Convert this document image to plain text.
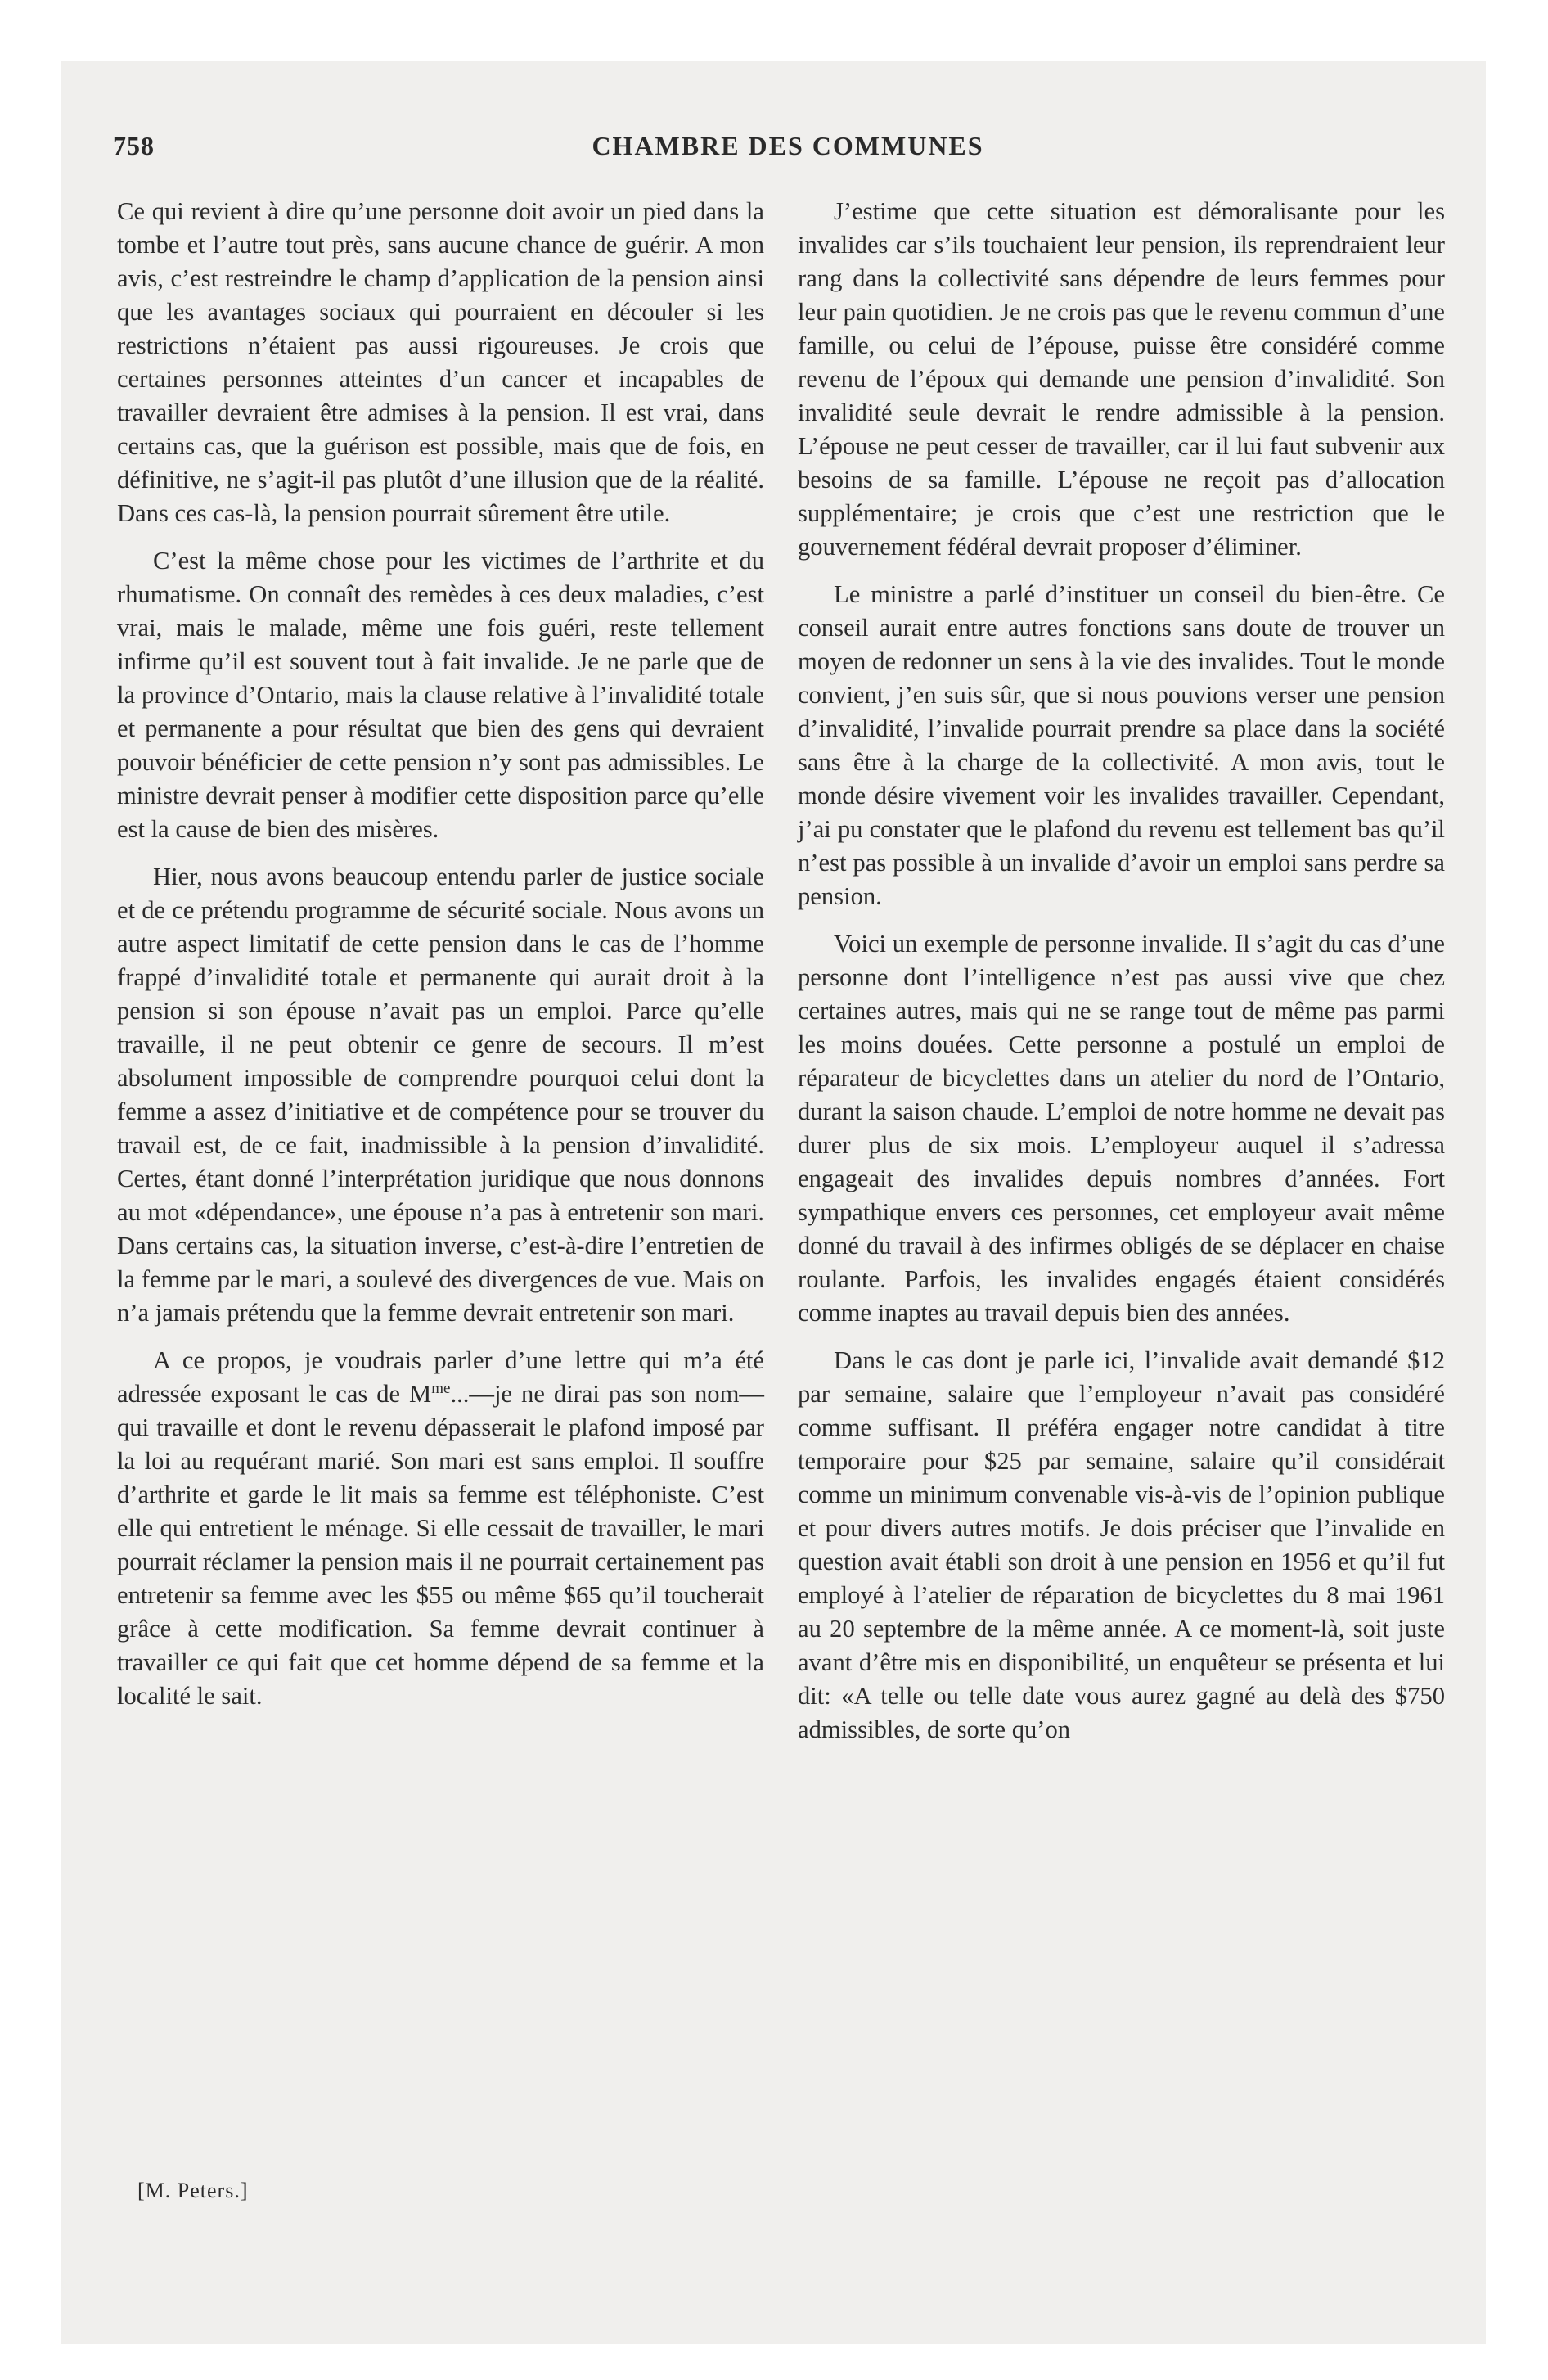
758	CHAMBRE DES COMMUNES

Ce qui revient à dire qu’une personne doit avoir un pied dans la tombe et l’autre tout près, sans aucune chance de guérir. A mon avis, c’est restreindre le champ d’application de la pension ainsi que les avantages sociaux qui pourraient en découler si les restrictions n’étaient pas aussi rigoureuses. Je crois que certaines personnes atteintes d’un cancer et incapables de travailler devraient être admises à la pension. Il est vrai, dans certains cas, que la guérison est possible, mais que de fois, en définitive, ne s’agit-il pas plutôt d’une illusion que de la réalité. Dans ces cas-là, la pension pourrait sûrement être utile.

C’est la même chose pour les victimes de l’arthrite et du rhumatisme. On connaît des remèdes à ces deux maladies, c’est vrai, mais le malade, même une fois guéri, reste tellement infirme qu’il est souvent tout à fait invalide. Je ne parle que de la province d’Ontario, mais la clause relative à l’invalidité totale et permanente a pour résultat que bien des gens qui devraient pouvoir bénéficier de cette pension n’y sont pas admissibles. Le ministre devrait penser à modifier cette disposition parce qu’elle est la cause de bien des misères.

Hier, nous avons beaucoup entendu parler de justice sociale et de ce prétendu programme de sécurité sociale. Nous avons un autre aspect limitatif de cette pension dans le cas de l’homme frappé d’invalidité totale et permanente qui aurait droit à la pension si son épouse n’avait pas un emploi. Parce qu’elle travaille, il ne peut obtenir ce genre de secours. Il m’est absolument impossible de comprendre pourquoi celui dont la femme a assez d’initiative et de compétence pour se trouver du travail est, de ce fait, inadmissible à la pension d’invalidité. Certes, étant donné l’interprétation juridique que nous donnons au mot «dépendance», une épouse n’a pas à entretenir son mari. Dans certains cas, la situation inverse, c’est-à-dire l’entretien de la femme par le mari, a soulevé des divergences de vue. Mais on n’a jamais prétendu que la femme devrait entretenir son mari.

A ce propos, je voudrais parler d’une lettre qui m’a été adressée exposant le cas de $M^{me}...—je$ ne dirai pas son nom—qui travaille et dont le revenu dépasserait le plafond imposé par la loi au requérant marié. Son mari est sans emploi. Il souffre d’arthrite et garde le lit mais sa femme est téléphoniste. C’est elle qui entretient le ménage. Si elle cessait de travailler, le mari pourrait réclamer la pension mais il ne pourrait certainement pas entretenir sa femme avec les $55 ou même $65 qu’il toucherait grâce à cette modification. Sa femme devrait continuer à travailler ce qui fait que cet homme dépend de sa femme et la localité le sait.

J’estime que cette situation est démoralisante pour les invalides car s’ils touchaient leur pension, ils reprendraient leur rang dans la collectivité sans dépendre de leurs femmes pour leur pain quotidien. Je ne crois pas que le revenu commun d’une famille, ou celui de l’épouse, puisse être considéré comme revenu de l’époux qui demande une pension d’invalidité. Son invalidité seule devrait le rendre admissible à la pension. L’épouse ne peut cesser de travailler, car il lui faut subvenir aux besoins de sa famille. L’épouse ne reçoit pas d’allocation supplémentaire; je crois que c’est une restriction que le gouvernement fédéral devrait proposer d’éliminer.

Le ministre a parlé d’instituer un conseil du bien-être. Ce conseil aurait entre autres fonctions sans doute de trouver un moyen de redonner un sens à la vie des invalides. Tout le monde convient, j’en suis sûr, que si nous pouvions verser une pension d’invalidité, l’invalide pourrait prendre sa place dans la société sans être à la charge de la collectivité. A mon avis, tout le monde désire vivement voir les invalides travailler. Cependant, j’ai pu constater que le plafond du revenu est tellement bas qu’il n’est pas possible à un invalide d’avoir un emploi sans perdre sa pension.

Voici un exemple de personne invalide. Il s’agit du cas d’une personne dont l’intelligence n’est pas aussi vive que chez certaines autres, mais qui ne se range tout de même pas parmi les moins douées. Cette personne a postulé un emploi de réparateur de bicyclettes dans un atelier du nord de l’Ontario, durant la saison chaude. L’emploi de notre homme ne devait pas durer plus de six mois. L’employeur auquel il s’adressa engageait des invalides depuis nombres d’années. Fort sympathique envers ces personnes, cet employeur avait même donné du travail à des infirmes obligés de se déplacer en chaise roulante. Parfois, les invalides engagés étaient considérés comme inaptes au travail depuis bien des années.

Dans le cas dont je parle ici, l’invalide avait demandé $12 par semaine, salaire que l’employeur n’avait pas considéré comme suffisant. Il préféra engager notre candidat à titre temporaire pour $25 par semaine, salaire qu’il considérait comme un minimum convenable vis-à-vis de l’opinion publique et pour divers autres motifs. Je dois préciser que l’invalide en question avait établi son droit à une pension en 1956 et qu’il fut employé à l’atelier de réparation de bicyclettes du 8 mai 1961 au 20 septembre de la même année. A ce moment-là, soit juste avant d’être mis en disponibilité, un enquêteur se présenta et lui dit: «A telle ou telle date vous aurez gagné au delà des $750 admissibles, de sorte qu’on

[M. Peters.]
